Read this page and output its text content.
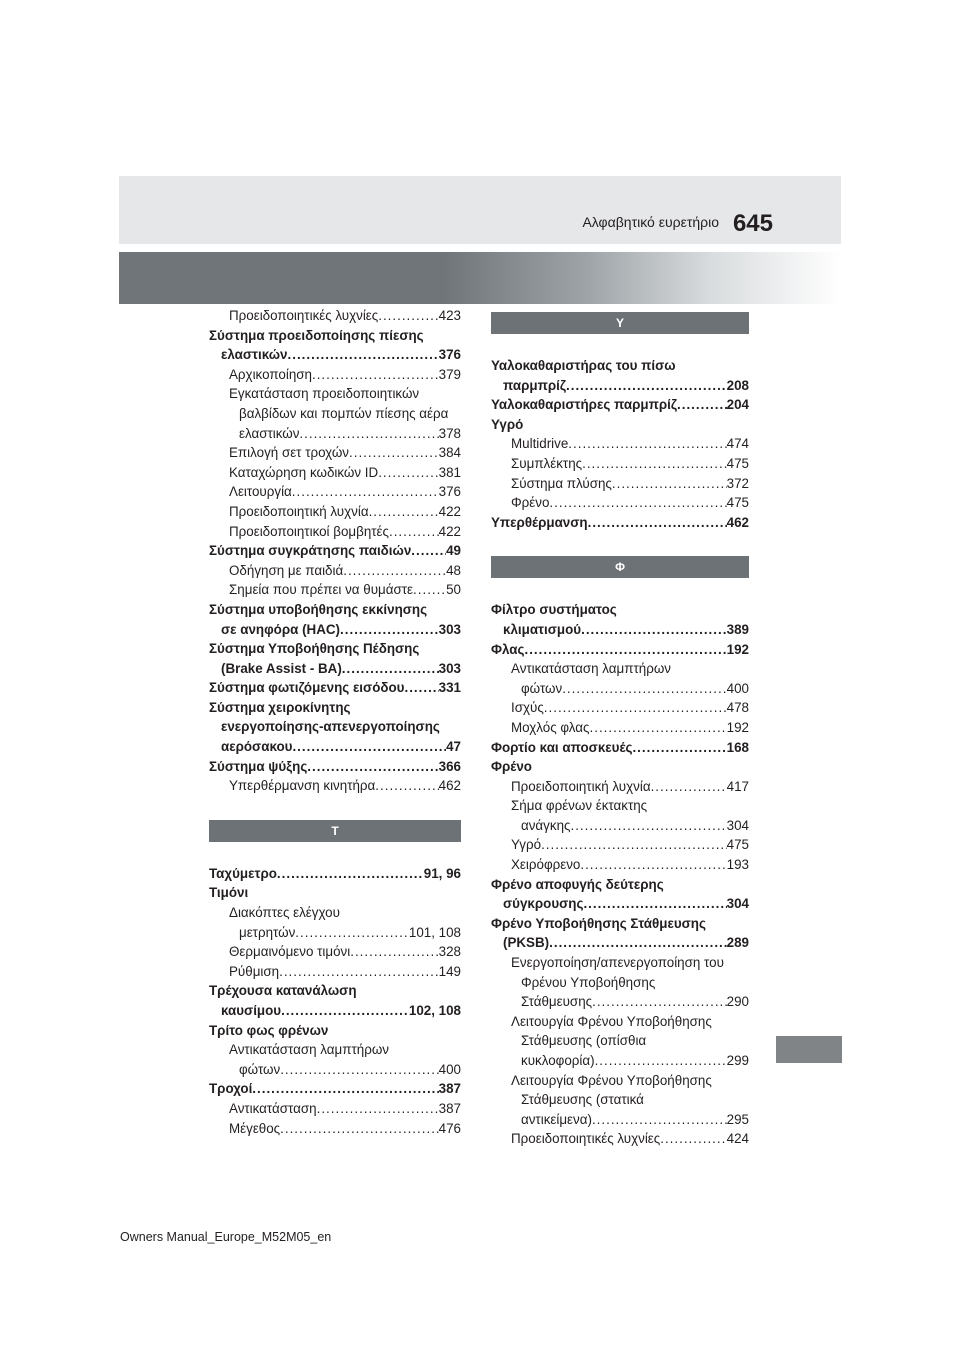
Αλφαβητικό ευρετήριο 645
Προειδοποιητικές λυχνίες .....	423
Σύστημα προειδοποίησης πίεσης
ελαστικών .....	376
Αρχικοποίηση .....	379
Εγκατάσταση προειδοποιητικών
βαλβίδων και πομπών πίεσης αέρα
ελαστικών .....	378
Επιλογή σετ τροχών .....	384
Καταχώρηση κωδικών ID .....	381
Λειτουργία .....	376
Προειδοποιητική λυχνία .....	422
Προειδοποιητικοί βομβητές .....	422
Σύστημα συγκράτησης παιδιών .....	49
Οδήγηση με παιδιά .....	48
Σημεία που πρέπει να θυμάστε ..... 50
Σύστημα υποβοήθησης εκκίνησης
σε ανηφόρα (HAC) .....	303
Σύστημα Υποβοήθησης Πέδησης
(Brake Assist - BA) .....	303
Σύστημα φωτιζόμενης εισόδου .....	331
Σύστημα χειροκίνητης
ενεργοποίησης-απενεργοποίησης
αερόσακου .....	47
Σύστημα ψύξης .....	366
Υπερθέρμανση κινητήρα .....	462
Τ
Ταχύμετρο .....	91, 96
Τιμόνι
Διακόπτες ελέγχου
μετρητών .....	101, 108
Θερμαινόμενο τιμόνι .....	328
Ρύθμιση .....	149
Τρέχουσα κατανάλωση
καυσίμου .....	102, 108
Τρίτο φως φρένων
Αντικατάσταση λαμπτήρων
φώτων .....	400
Τροχοί .....	387
Αντικατάσταση .....	387
Μέγεθος .....	476
Υ
Υαλοκαθαριστήρας του πίσω
παρμπρίζ .....	208
Υαλοκαθαριστήρες παρμπρίζ .....	204
Υγρό
Multidrive .....	474
Συμπλέκτης .....	475
Σύστημα πλύσης .....	372
Φρένο .....	475
Υπερθέρμανση .....	462
Φ
Φίλτρο συστήματος
κλιματισμού .....	389
Φλας .....	192
Αντικατάσταση λαμπτήρων
φώτων .....	400
Ισχύς .....	478
Μοχλός φλας .....	192
Φορτίο και αποσκευές .....	168
Φρένο
Προειδοποιητική λυχνία .....	417
Σήμα φρένων έκτακτης
ανάγκης .....	304
Υγρό .....	475
Χειρόφρενο .....	193
Φρένο αποφυγής δεύτερης
σύγκρουσης .....	304
Φρένο Υποβοήθησης Στάθμευσης
(PKSB) .....	289
Ενεργοποίηση/απενεργοποίηση του
Φρένου Υποβοήθησης
Στάθμευσης .....	290
Λειτουργία Φρένου Υποβοήθησης
Στάθμευσης (οπίσθια
κυκλοφορία) .....	299
Λειτουργία Φρένου Υποβοήθησης
Στάθμευσης (στατικά
αντικείμενα) .....	295
Προειδοποιητικές λυχνίες .....	424
Owners Manual_Europe_M52M05_en
